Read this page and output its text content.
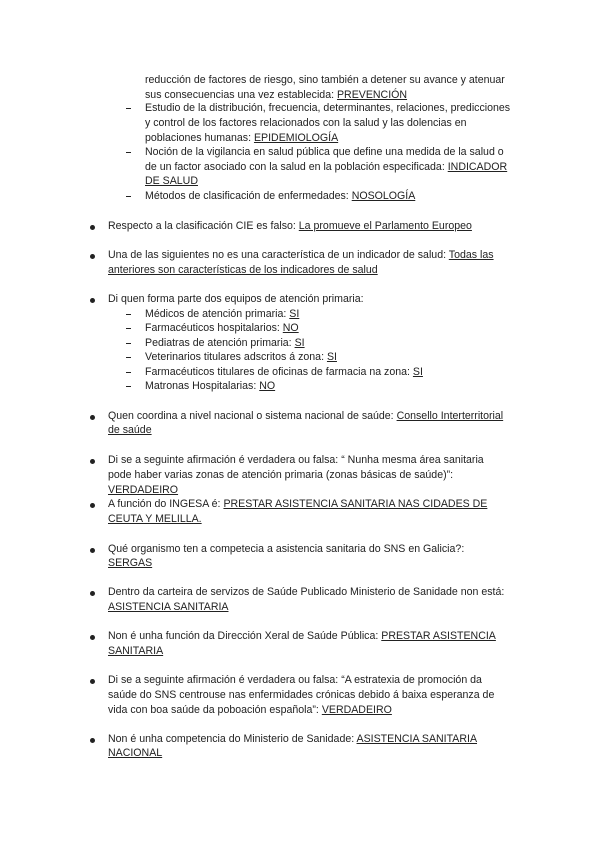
reducción de factores de riesgo, sino también a detener su avance y atenuar
sus consecuencias una vez establecida: PREVENCIÓN
Estudio de la distribución, frecuencia, determinantes, relaciones, predicciones
y control de los factores relacionados con la salud y las dolencias en
poblaciones humanas: EPIDEMIOLOGÍA
Noción de la vigilancia en salud pública que define una medida de la salud o
de un factor asociado con la salud en la población especificada: INDICADOR
DE SALUD
Métodos de clasificación de enfermedades: NOSOLOGÍA
Respecto a la clasificación CIE es falso: La promueve el Parlamento Europeo
Una de las siguientes no es una característica de un indicador de salud: Todas las
anteriores son características de los indicadores de salud
Di quen forma parte dos equipos de atención primaria:
Médicos de atención primaria: SI
Farmacéuticos hospitalarios: NO
Pediatras de atención primaria: SI
Veterinarios titulares adscritos á zona: SI
Farmacéuticos titulares de oficinas de farmacia na zona: SI
Matronas Hospitalarias: NO
Quen coordina a nivel nacional o sistema nacional de saúde: Consello Interterritorial
de saúde
Di se a seguinte afirmación é verdadera ou falsa: “ Nunha mesma área sanitaria
pode haber varias zonas de atención primaria (zonas básicas de saúde)”:
VERDADEIRO
A función do INGESA é: PRESTAR ASISTENCIA SANITARIA NAS CIDADES DE
CEUTA Y MELILLA.
Qué organismo ten a competecia a asistencia sanitaria do SNS en Galicia?:
SERGAS
Dentro da carteira de servizos de Saúde Publicado Ministerio de Sanidade non está:
ASISTENCIA SANITARIA
Non é unha función da Dirección Xeral de Saúde Pública: PRESTAR ASISTENCIA
SANITARIA
Di se a seguinte afirmación é verdadera ou falsa: “A estratexia de promoción da
saúde do SNS centrouse nas enfermidades crónicas debido á baixa esperanza de
vida con boa saúde da poboación española”: VERDADEIRO
Non é unha competencia do Ministerio de Sanidade: ASISTENCIA SANITARIA
NACIONAL
